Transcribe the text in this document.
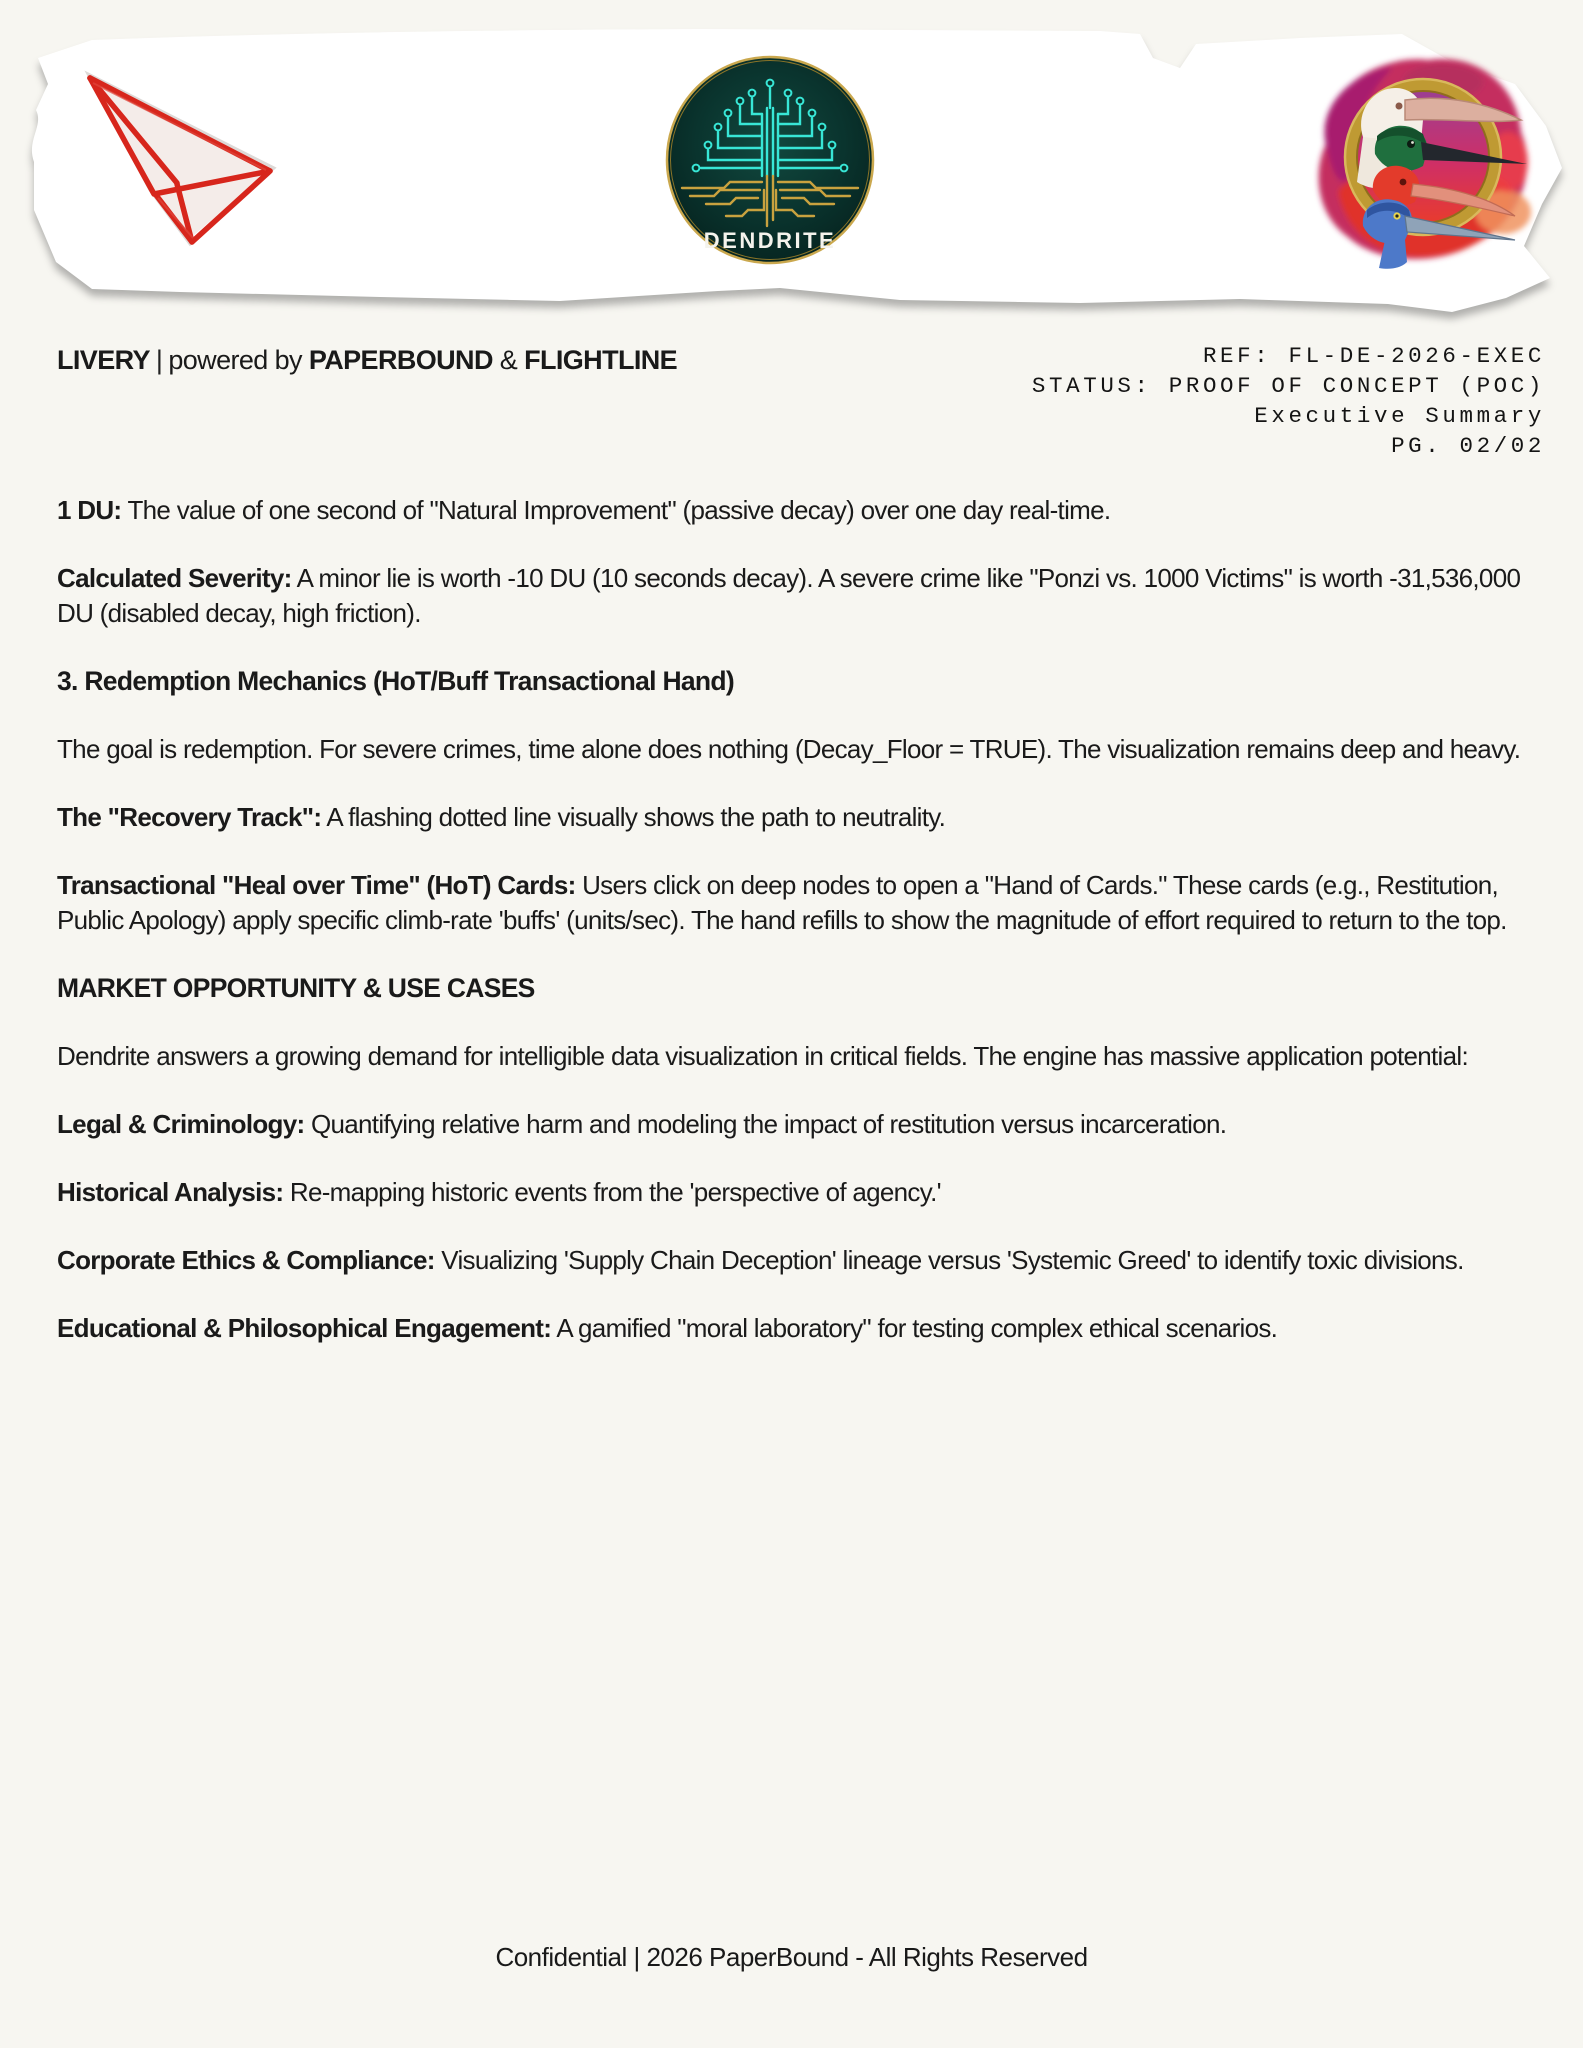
DENDRITE
LIVERY | powered by PAPERBOUND & FLIGHTLINE	REF: FL-DE-2026-EXEC
STATUS: PROOF OF CONCEPT (POC)
Executive Summary
PG. 02/02

1 DU: The value of one second of "Natural Improvement" (passive decay) over one day real-time.

Calculated Severity: A minor lie is worth -10 DU (10 seconds decay). A severe crime like "Ponzi vs. 1000 Victims" is worth -31,536,000 DU (disabled decay, high friction).

3. Redemption Mechanics (HoT/Buff Transactional Hand)

The goal is redemption. For severe crimes, time alone does nothing (Decay_Floor = TRUE). The visualization remains deep and heavy.

The "Recovery Track": A flashing dotted line visually shows the path to neutrality.

Transactional "Heal over Time" (HoT) Cards: Users click on deep nodes to open a "Hand of Cards." These cards (e.g., Restitution, Public Apology) apply specific climb-rate 'buffs' (units/sec). The hand refills to show the magnitude of effort required to return to the top.

MARKET OPPORTUNITY & USE CASES

Dendrite answers a growing demand for intelligible data visualization in critical fields. The engine has massive application potential:

Legal & Criminology: Quantifying relative harm and modeling the impact of restitution versus incarceration.

Historical Analysis: Re-mapping historic events from the 'perspective of agency.'

Corporate Ethics & Compliance: Visualizing 'Supply Chain Deception' lineage versus 'Systemic Greed' to identify toxic divisions.

Educational & Philosophical Engagement: A gamified "moral laboratory" for testing complex ethical scenarios.

Confidential | 2026 PaperBound - All Rights Reserved
